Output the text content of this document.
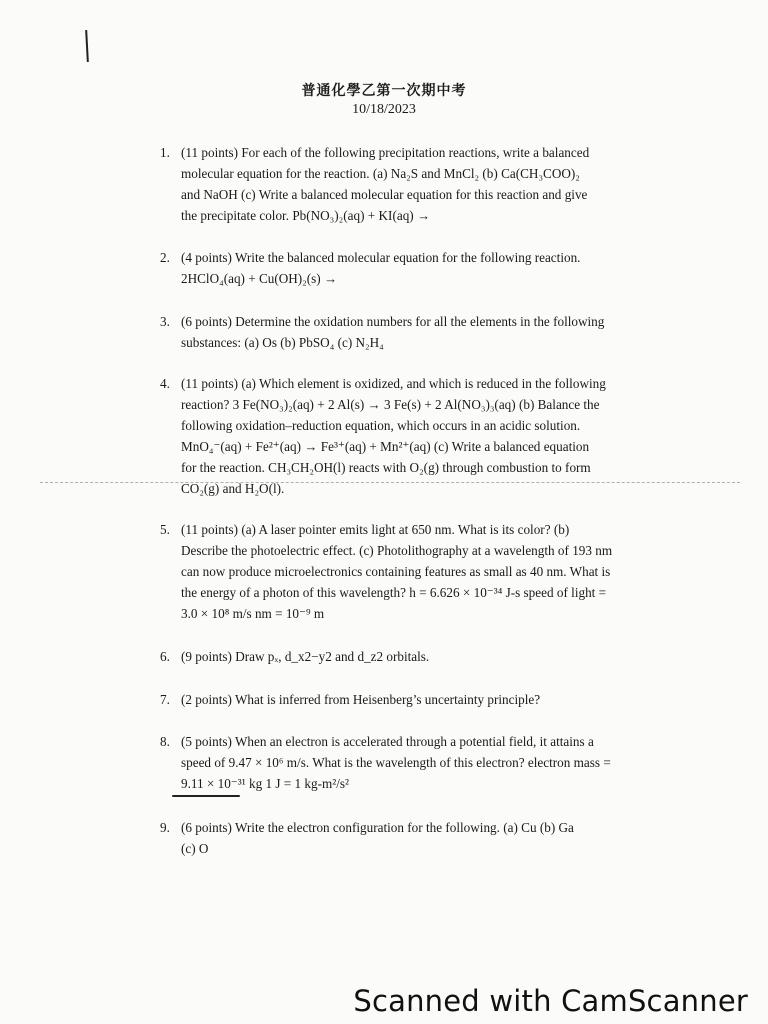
普通化學乙第一次期中考
10/18/2023
1. (11 points) For each of the following precipitation reactions, write a balanced
molecular equation for the reaction. (a) Na₂S and MnCl₂ (b) Ca(CH₃COO)₂
and NaOH (c) Write a balanced molecular equation for this reaction and give
the precipitate color. Pb(NO₃)₂(aq) + KI(aq) →
2. (4 points) Write the balanced molecular equation for the following reaction.
2HClO₄(aq) + Cu(OH)₂(s) →
3. (6 points) Determine the oxidation numbers for all the elements in the following
substances: (a) Os (b) PbSO₄ (c) N₂H₄
4. (11 points) (a) Which element is oxidized, and which is reduced in the following
reaction? 3 Fe(NO₃)₂(aq) + 2 Al(s) → 3 Fe(s) + 2 Al(NO₃)₃(aq) (b) Balance the
following oxidation–reduction equation, which occurs in an acidic solution.
MnO₄⁻(aq) + Fe²⁺(aq) → Fe³⁺(aq) + Mn²⁺(aq) (c) Write a balanced equation
for the reaction. CH₃CH₂OH(l) reacts with O₂(g) through combustion to form
CO₂(g) and H₂O(l).
5. (11 points) (a) A laser pointer emits light at 650 nm. What is its color? (b)
Describe the photoelectric effect. (c) Photolithography at a wavelength of 193 nm
can now produce microelectronics containing features as small as 40 nm. What is
the energy of a photon of this wavelength? h = 6.626 × 10⁻³⁴ J-s speed of light =
3.0 × 10⁸ m/s nm = 10⁻⁹ m
6. (9 points) Draw pₓ, d_x2−y2 and d_z2 orbitals.
7. (2 points) What is inferred from Heisenberg’s uncertainty principle?
8. (5 points) When an electron is accelerated through a potential field, it attains a
speed of 9.47 × 10⁶ m/s. What is the wavelength of this electron? electron mass =
9.11 × 10⁻³¹ kg 1 J = 1 kg-m²/s²
9. (6 points) Write the electron configuration for the following. (a) Cu (b) Ga
(c) O
Scanned with CamScanner
